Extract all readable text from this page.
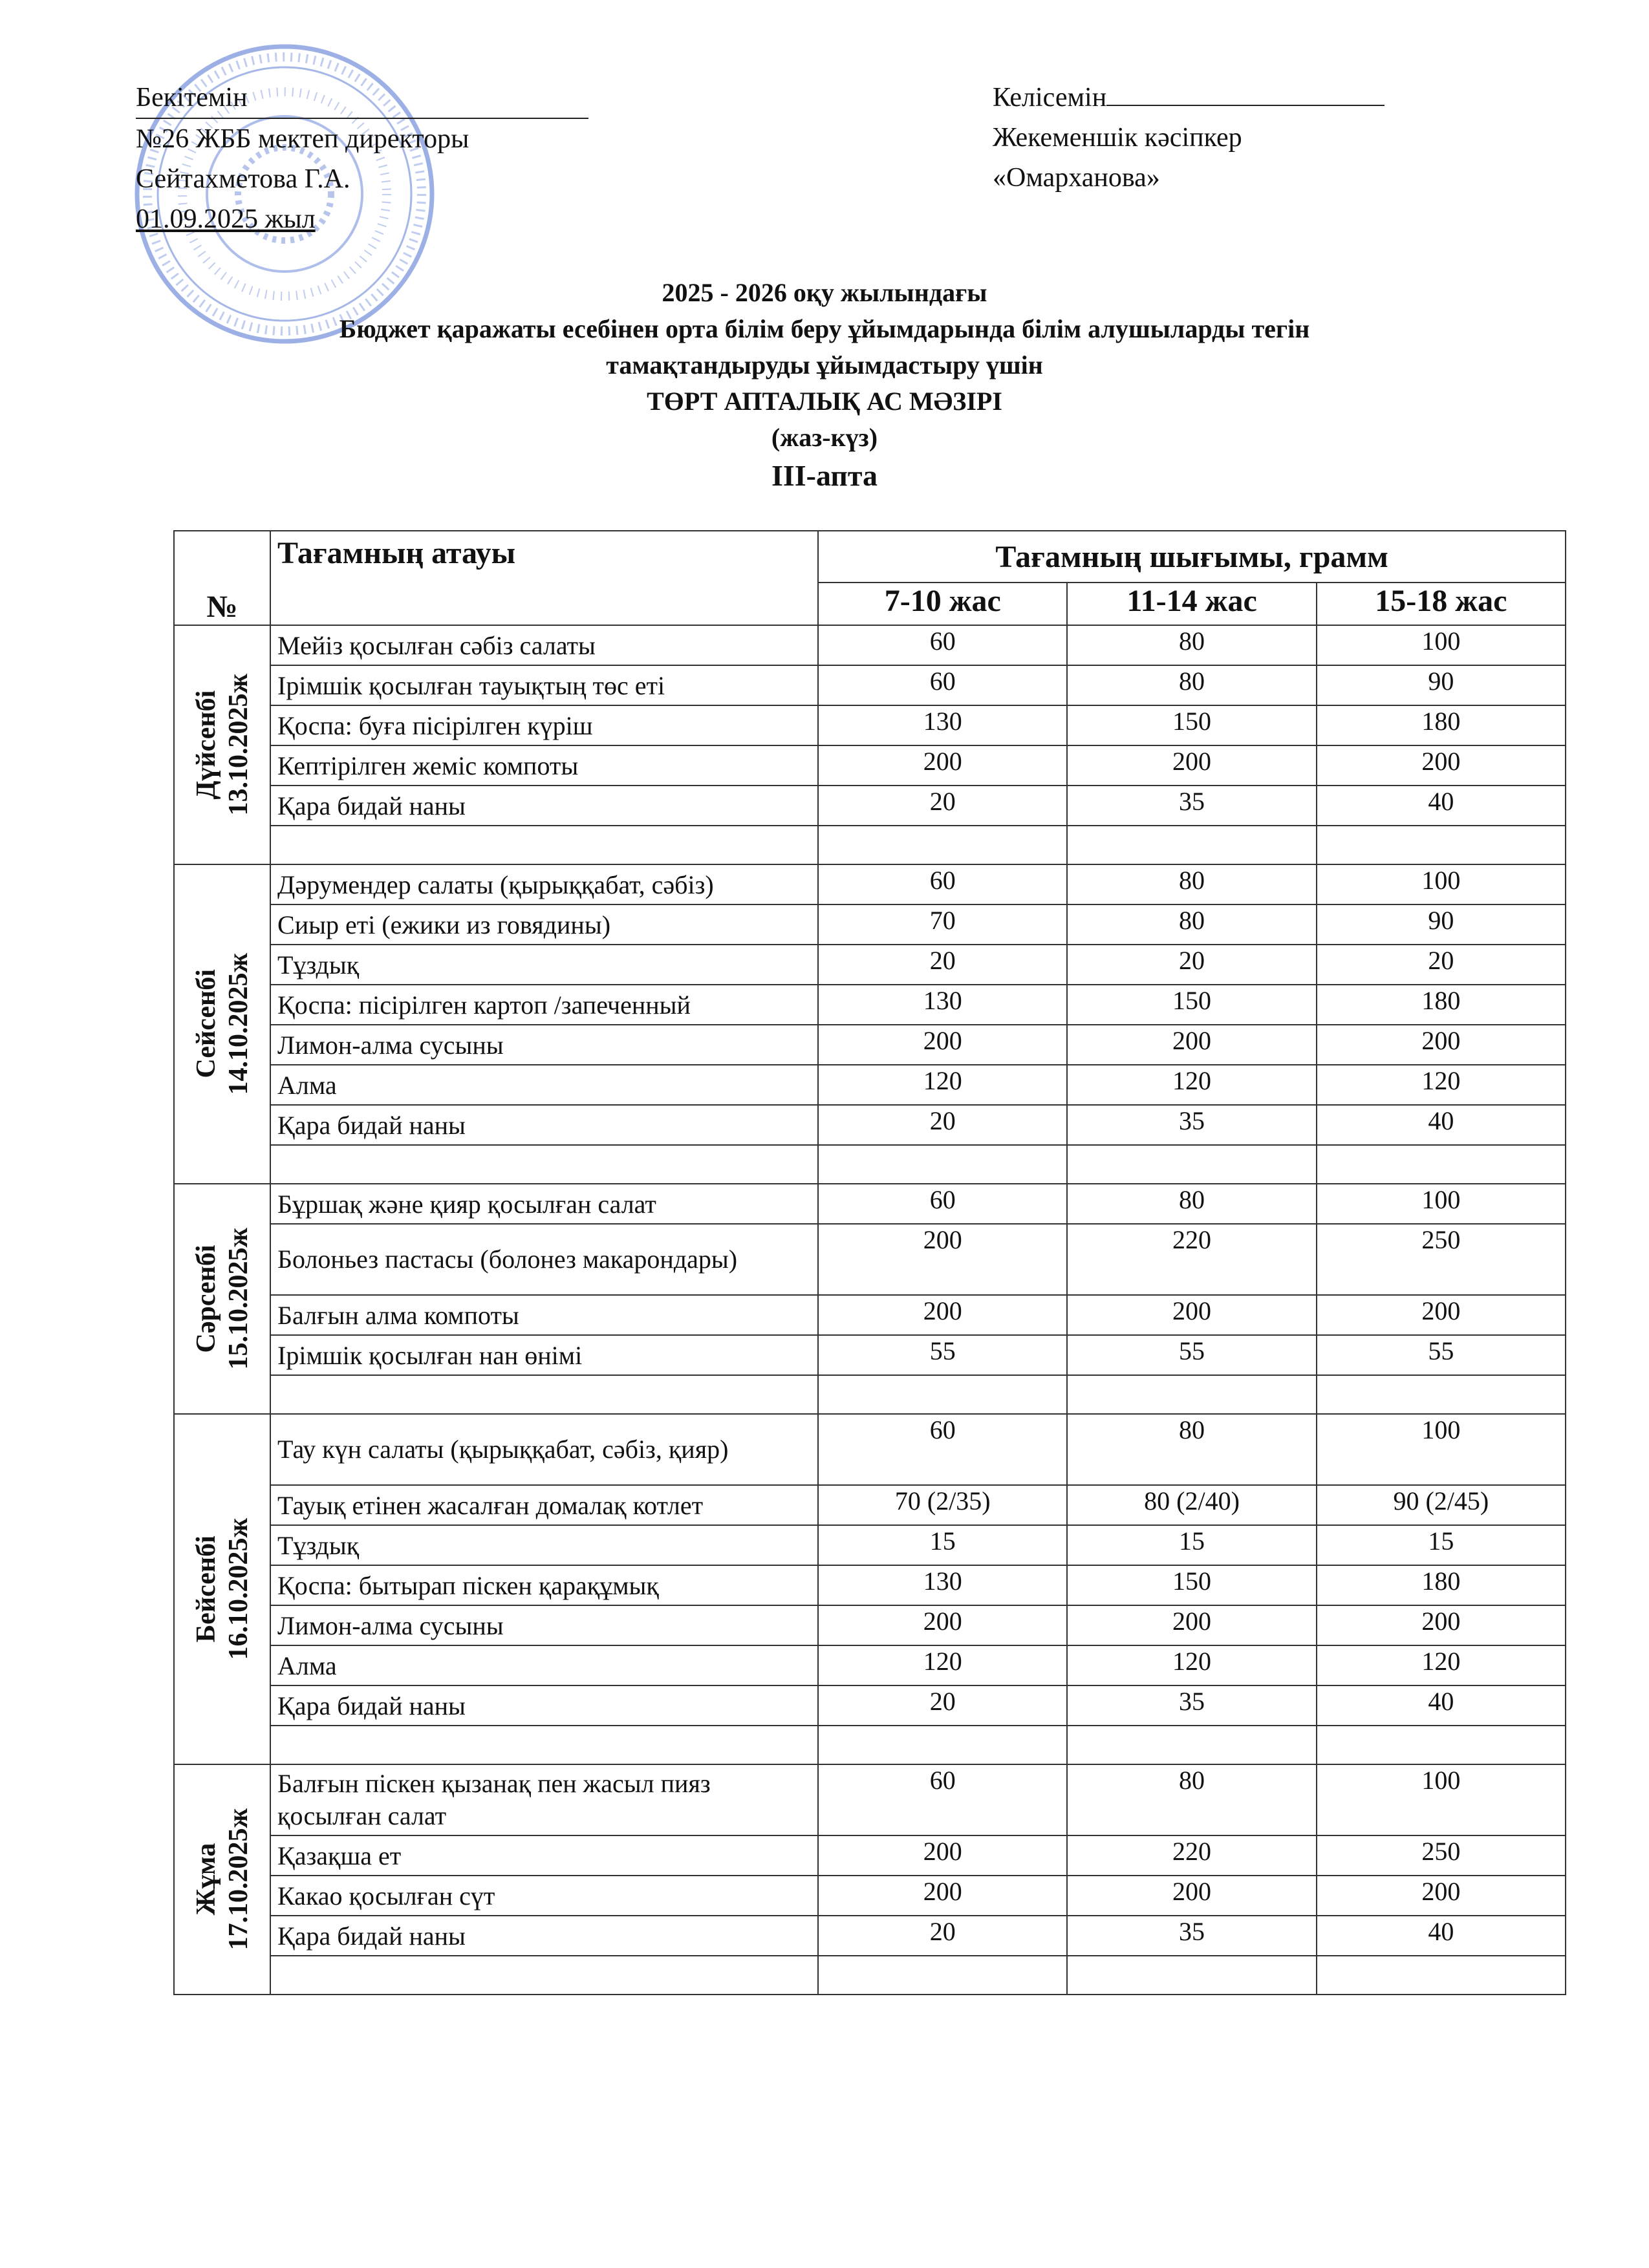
Бекітемін
№26 ЖББ мектеп директоры
Сейтахметова Г.А.
01.09.2025 жыл
Келісемін
Жекеменшік кәсіпкер
«Омарханова»
2025 - 2026 оқу жылындағы
Бюджет қаражаты есебінен орта білім беру ұйымдарында білім алушыларды тегін
тамақтандыруды ұйымдастыру үшін
ТӨРТ АПТАЛЫҚ АС МӘЗІРІ
(жаз-күз)
ІІІ-апта
№	Тағамның атауы	Тағамның шығымы, грамм		
		7-10 жас	11-14 жас	15-18 жас

Дүйсенбі
13.10.2025ж	Мейіз қосылған сәбіз салаты	60	80	100
	Ірімшік қосылған тауықтың төс еті	60	80	90
	Қоспа: буға пісірілген күріш	130	150	180
	Кептірілген жеміс компоты	200	200	200
	Қара бидай наны	20	35	40

Сейсенбі
14.10.2025ж	Дәрумендер салаты (қырыққабат, сәбіз)	60	80	100
	Сиыр еті (ежики из говядины)	70	80	90
	Тұздық	20	20	20
	Қоспа: пісірілген картоп /запеченный	130	150	180
	Лимон-алма сусыны	200	200	200
	Алма	120	120	120
	Қара бидай наны	20	35	40

Сәрсенбі
15.10.2025ж	Бұршақ және қияр қосылған салат	60	80	100
	Болоньез пастасы (болонез макарондары)	200	220	250
	Балғын алма компоты	200	200	200
	Ірімшік қосылған нан өнімі	55	55	55

Бейсенбі
16.10.2025ж	Тау күн салаты (қырыққабат, сәбіз, қияр)	60	80	100
	Тауық етінен жасалған домалақ котлет	70 (2/35)	80 (2/40)	90 (2/45)
	Тұздық	15	15	15
	Қоспа: бытырап піскен қарақұмық	130	150	180
	Лимон-алма сусыны	200	200	200
	Алма	120	120	120
	Қара бидай наны	20	35	40

Жұма
17.10.2025ж	Балғын піскен қызанақ пен жасыл пияз қосылған салат	60	80	100
	Қазақша ет	200	220	250
	Какао қосылған сүт	200	200	200
	Қара бидай наны	20	35	40
